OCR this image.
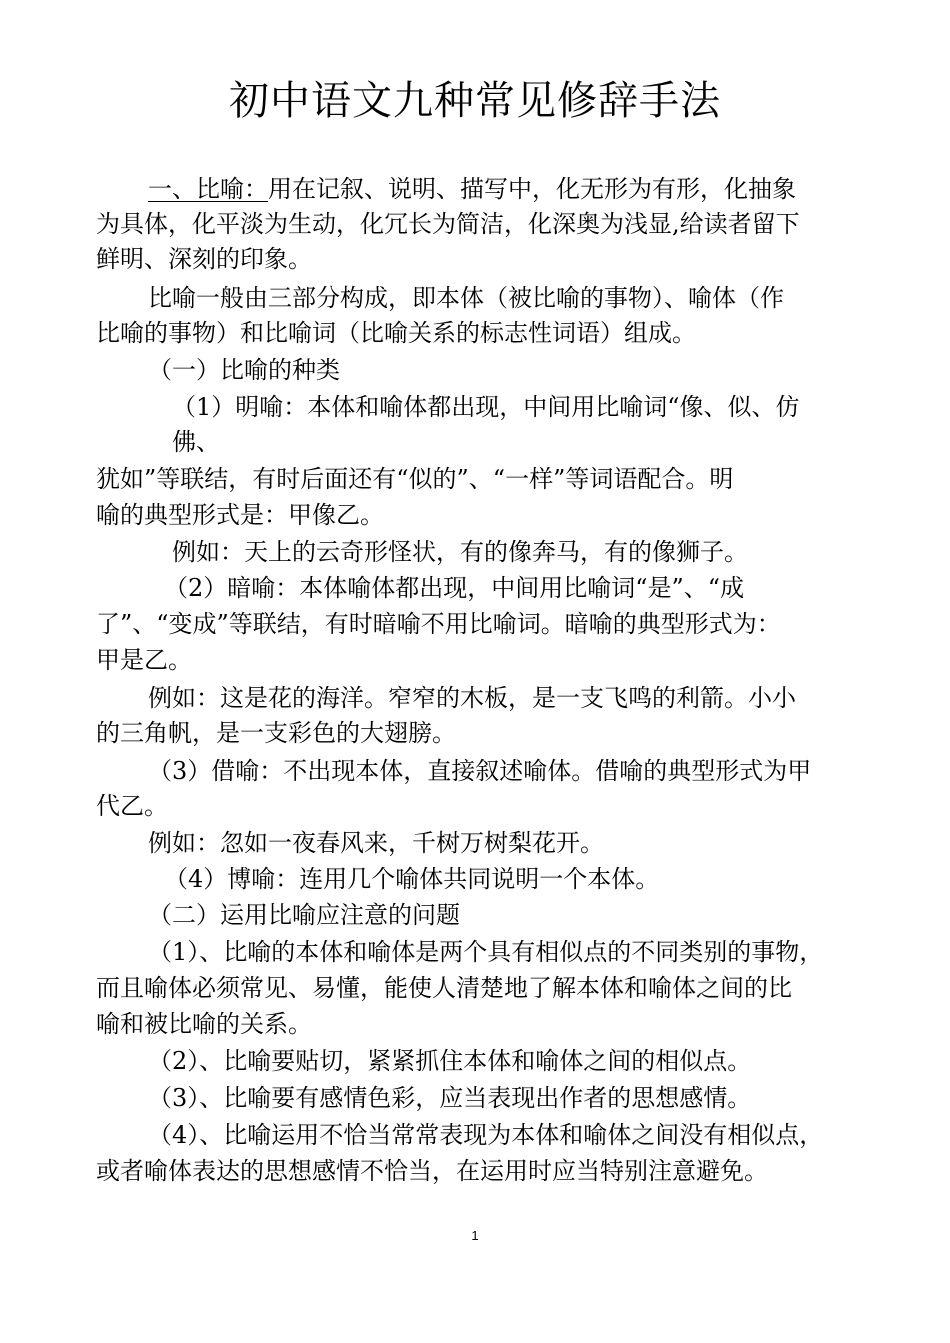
初中语文九种常见修辞手法

一、比喻：用在记叙、说明、描写中，化无形为有形，化抽象

为具体，化平淡为生动，化冗长为简洁，化深奥为浅显,给读者留下

鲜明、深刻的印象。

比喻一般由三部分构成，即本体（被比喻的事物）、喻体（作

比喻的事物）和比喻词（比喻关系的标志性词语）组成。

（一）比喻的种类

（1）明喻：本体和喻体都出现，中间用比喻词“像、似、仿

佛、

犹如”等联结，有时后面还有“似的”、“一样”等词语配合。明

喻的典型形式是：甲像乙。

例如：天上的云奇形怪状，有的像奔马，有的像狮子。

（2）暗喻：本体喻体都出现，中间用比喻词“是”、“成

了”、“变成”等联结，有时暗喻不用比喻词。暗喻的典型形式为：

甲是乙。

例如：这是花的海洋。窄窄的木板，是一支飞鸣的利箭。小小

的三角帆，是一支彩色的大翅膀。

（3）借喻：不出现本体，直接叙述喻体。借喻的典型形式为甲

代乙。

例如：忽如一夜春风来，千树万树梨花开。

（4）博喻：连用几个喻体共同说明一个本体。

（二）运用比喻应注意的问题

（1）、比喻的本体和喻体是两个具有相似点的不同类别的事物，

而且喻体必须常见、易懂，能使人清楚地了解本体和喻体之间的比

喻和被比喻的关系。

（2）、比喻要贴切，紧紧抓住本体和喻体之间的相似点。

（3）、比喻要有感情色彩，应当表现出作者的思想感情。

（4）、比喻运用不恰当常常表现为本体和喻体之间没有相似点，

或者喻体表达的思想感情不恰当，在运用时应当特别注意避免。

1
